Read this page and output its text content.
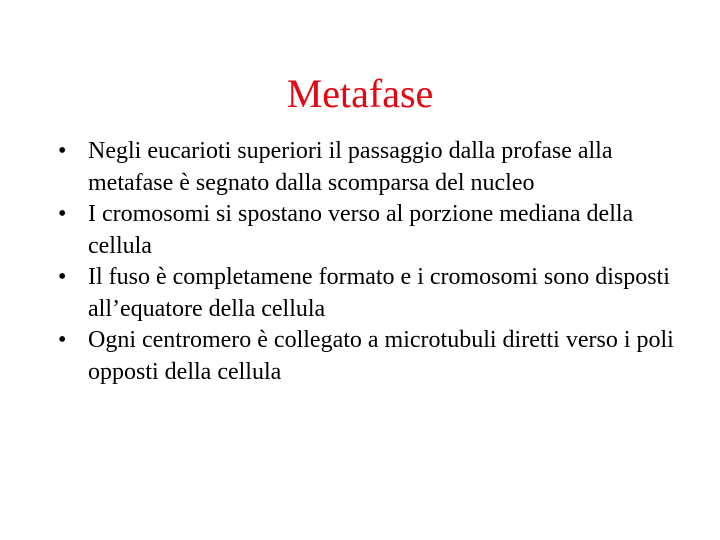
Metafase
• Negli eucarioti superiori il passaggio dalla profase alla metafase è segnato dalla scomparsa del nucleo
• I cromosomi si spostano verso al porzione mediana della cellula
• Il fuso è completamene formato e i cromosomi sono disposti all’equatore della cellula
• Ogni centromero è collegato a microtubuli diretti verso i poli opposti della cellula
